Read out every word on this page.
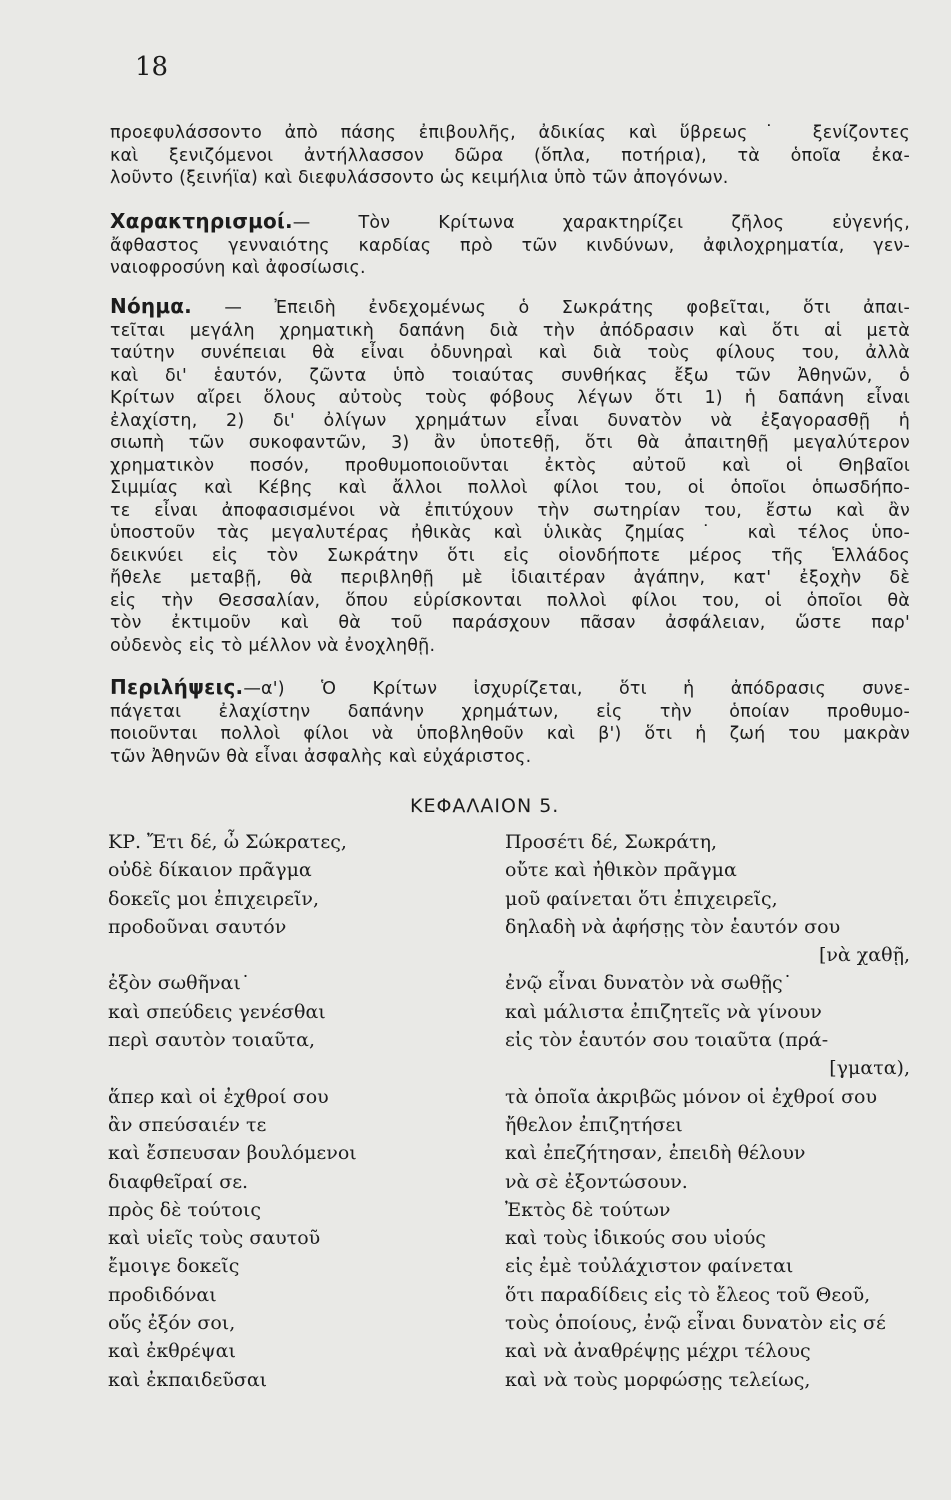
18
προεφυλάσσοντο ἀπὸ πάσης ἐπιβουλῆς, ἀδικίας καὶ ὕβρεως˙ ξενίζοντες
καὶ ξενιζόμενοι ἀντήλλασσον δῶρα (ὅπλα, ποτήρια), τὰ ὁποῖα ἐκα-
λοῦντο (ξεινήϊα) καὶ διεφυλάσσοντο ὡς κειμήλια ὑπὸ τῶν ἀπογόνων.
Χαρακτηρισμοί.— Τὸν Κρίτωνα χαρακτηρίζει ζῆλος εὐγενής,
ἄφθαστος γενναιότης καρδίας πρὸ τῶν κινδύνων, ἀφιλοχρηματία, γεν-
ναιοφροσύνη καὶ ἀφοσίωσις.
Νόημα. — Ἐπειδὴ ἐνδεχομένως ὁ Σωκράτης φοβεῖται, ὅτι ἀπαι-
τεῖται μεγάλη χρηματικὴ δαπάνη διὰ τὴν ἀπόδρασιν καὶ ὅτι αἱ μετὰ
ταύτην συνέπειαι θὰ εἶναι ὀδυνηραὶ καὶ διὰ τοὺς φίλους του, ἀλλὰ
καὶ δι' ἑαυτόν, ζῶντα ὑπὸ τοιαύτας συνθήκας ἔξω τῶν Ἀθηνῶν, ὁ
Κρίτων αἴρει ὅλους αὐτοὺς τοὺς φόβους λέγων ὅτι 1) ἡ δαπάνη εἶναι
ἐλαχίστη, 2) δι' ὀλίγων χρημάτων εἶναι δυνατὸν νὰ ἐξαγορασθῇ ἡ
σιωπὴ τῶν συκοφαντῶν, 3) ἂν ὑποτεθῇ, ὅτι θὰ ἀπαιτηθῇ μεγαλύτερον
χρηματικὸν ποσόν, προθυμοποιοῦνται ἐκτὸς αὐτοῦ καὶ οἱ Θηβαῖοι
Σιμμίας καὶ Κέβης καὶ ἄλλοι πολλοὶ φίλοι του, οἱ ὁποῖοι ὁπωσδήπο-
τε εἶναι ἀποφασισμένοι νὰ ἐπιτύχουν τὴν σωτηρίαν του, ἔστω καὶ ἂν
ὑποστοῦν τὰς μεγαλυτέρας ἠθικὰς καὶ ὑλικὰς ζημίας˙ καὶ τέλος ὑπο-
δεικνύει εἰς τὸν Σωκράτην ὅτι εἰς οἱονδήποτε μέρος τῆς Ἑλλάδος
ἤθελε μεταβῇ, θὰ περιβληθῇ μὲ ἰδιαιτέραν ἀγάπην, κατ' ἐξοχὴν δὲ
εἰς τὴν Θεσσαλίαν, ὅπου εὑρίσκονται πολλοὶ φίλοι του, οἱ ὁποῖοι θὰ
τὸν ἐκτιμοῦν καὶ θὰ τοῦ παράσχουν πᾶσαν ἀσφάλειαν, ὥστε παρ'
οὐδενὸς εἰς τὸ μέλλον νὰ ἐνοχληθῇ.
Περιλήψεις.—α') Ὁ Κρίτων ἰσχυρίζεται, ὅτι ἡ ἀπόδρασις συνε-
πάγεται ἐλαχίστην δαπάνην χρημάτων, εἰς τὴν ὁποίαν προθυμο-
ποιοῦνται πολλοὶ φίλοι νὰ ὑποβληθοῦν καὶ β') ὅτι ἡ ζωή του μακρὰν
τῶν Ἀθηνῶν θὰ εἶναι ἀσφαλὴς καὶ εὐχάριστος.
ΚΕΦΑΛΑΙΟΝ 5.
ΚΡ. Ἔτι δέ, ὦ Σώκρατες,
οὐδὲ δίκαιον πρᾶγμα
δοκεῖς μοι ἐπιχειρεῖν,
προδοῦναι σαυτόν
ἐξὸν σωθῆναι˙
καὶ σπεύδεις γενέσθαι
περὶ σαυτὸν τοιαῦτα,
ἅπερ καὶ οἱ ἐχθροί σου
ἂν σπεύσαιέν τε
καὶ ἔσπευσαν βουλόμενοι
διαφθεῖραί σε.
πρὸς δὲ τούτοις
καὶ υἱεῖς τοὺς σαυτοῦ
ἔμοιγε δοκεῖς
προδιδόναι
οὕς ἐξόν σοι,
καὶ ἐκθρέψαι
καὶ ἐκπαιδεῦσαι
Προσέτι δέ, Σωκράτη,
οὔτε καὶ ἠθικὸν πρᾶγμα
μοῦ φαίνεται ὅτι ἐπιχειρεῖς,
δηλαδὴ νὰ ἀφήσῃς τὸν ἑαυτόν σου
[νὰ χαθῇ,
ἐνῷ εἶναι δυνατὸν νὰ σωθῇς˙
καὶ μάλιστα ἐπιζητεῖς νὰ γίνουν
εἰς τὸν ἑαυτόν σου τοιαῦτα (πρά-
[γματα),
τὰ ὁποῖα ἀκριβῶς μόνον οἱ ἐχθροί σου
ἤθελον ἐπιζητήσει
καὶ ἐπεζήτησαν, ἐπειδὴ θέλουν
νὰ σὲ ἐξοντώσουν.
Ἐκτὸς δὲ τούτων
καὶ τοὺς ἰδικούς σου υἱούς
εἰς ἐμὲ τοὐλάχιστον φαίνεται
ὅτι παραδίδεις εἰς τὸ ἔλεος τοῦ Θεοῦ,
τοὺς ὁποίους, ἐνῷ εἶναι δυνατὸν εἰς σέ
καὶ νὰ ἀναθρέψῃς μέχρι τέλους
καὶ νὰ τοὺς μορφώσῃς τελείως,
